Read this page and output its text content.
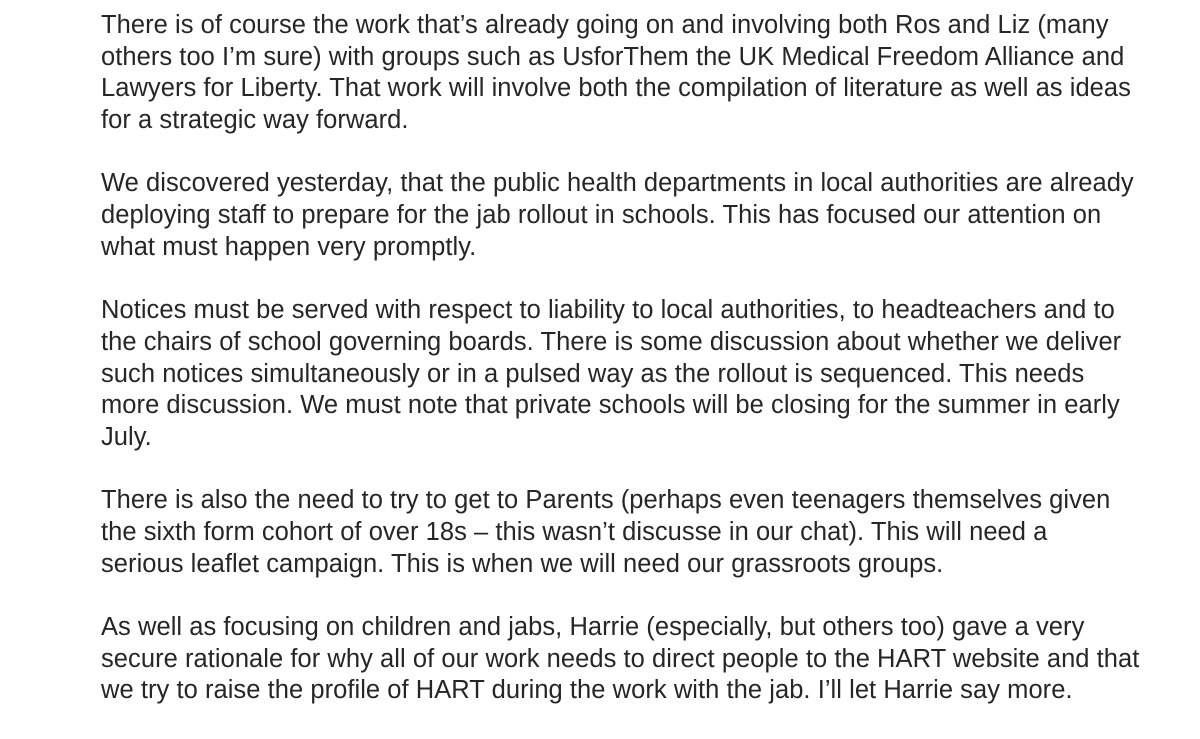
There is of course the work that’s already going on and involving both Ros and Liz (many
others too I’m sure) with groups such as UsforThem the UK Medical Freedom Alliance and
Lawyers for Liberty. That work will involve both the compilation of literature as well as ideas
for a strategic way forward.
We discovered yesterday, that the public health departments in local authorities are already
deploying staff to prepare for the jab rollout in schools. This has focused our attention on
what must happen very promptly.
Notices must be served with respect to liability to local authorities, to headteachers and to
the chairs of school governing boards. There is some discussion about whether we deliver
such notices simultaneously or in a pulsed way as the rollout is sequenced. This needs
more discussion. We must note that private schools will be closing for the summer in early
July.
There is also the need to try to get to Parents (perhaps even teenagers themselves given
the sixth form cohort of over 18s – this wasn’t discusse in our chat). This will need a
serious leaflet campaign. This is when we will need our grassroots groups.
As well as focusing on children and jabs, Harrie (especially, but others too) gave a very
secure rationale for why all of our work needs to direct people to the HART website and that
we try to raise the profile of HART during the work with the jab. I’ll let Harrie say more.
